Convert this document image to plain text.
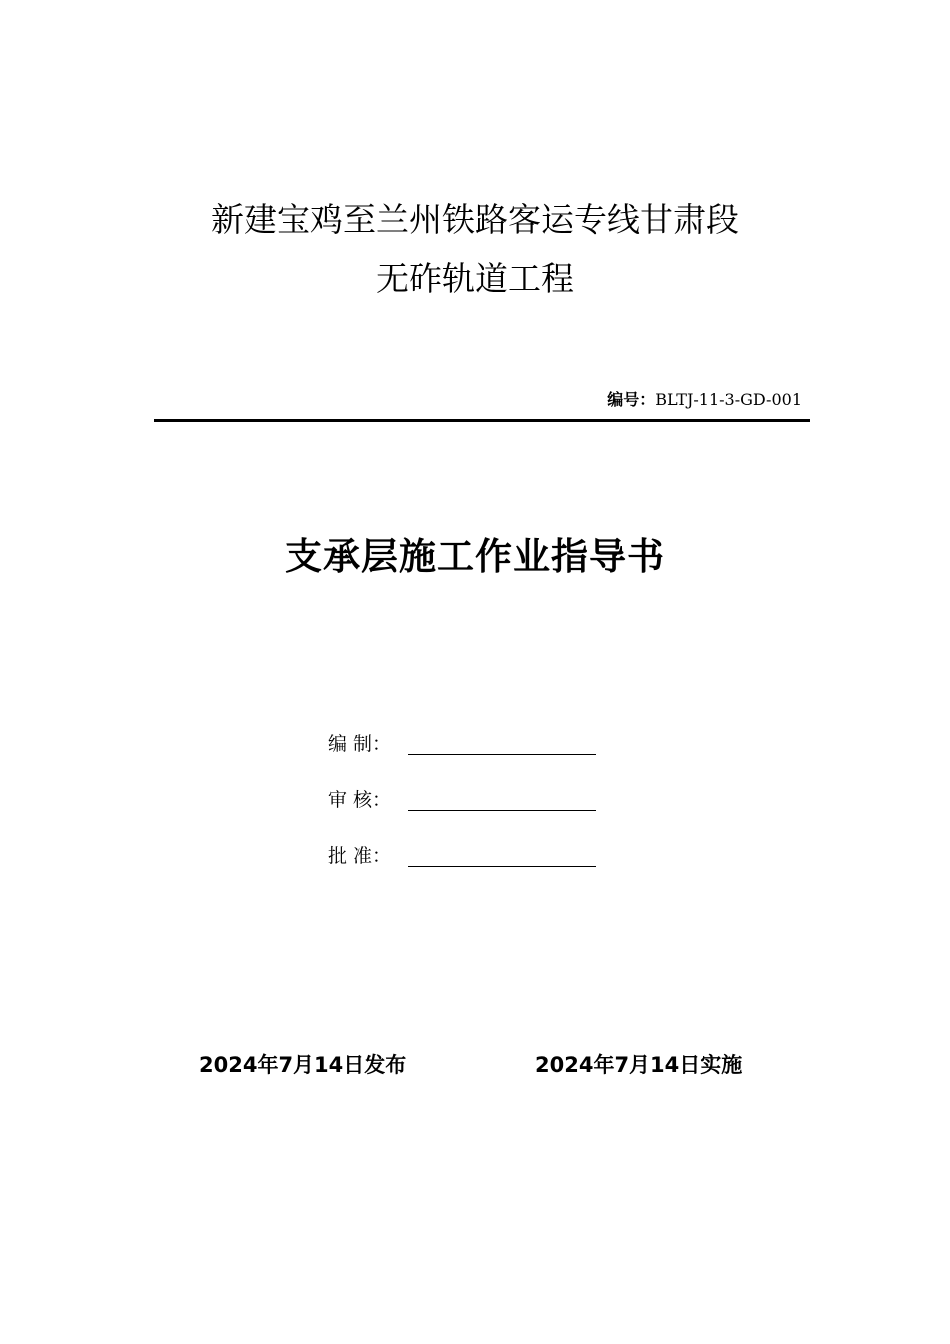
新建宝鸡至兰州铁路客运专线甘肃段
无砟轨道工程
编号：BLTJ-11-3-GD-001
支承层施工作业指导书
编 制：
审 核：
批 准：
2024年7月14日发布	2024年7月14日实施
